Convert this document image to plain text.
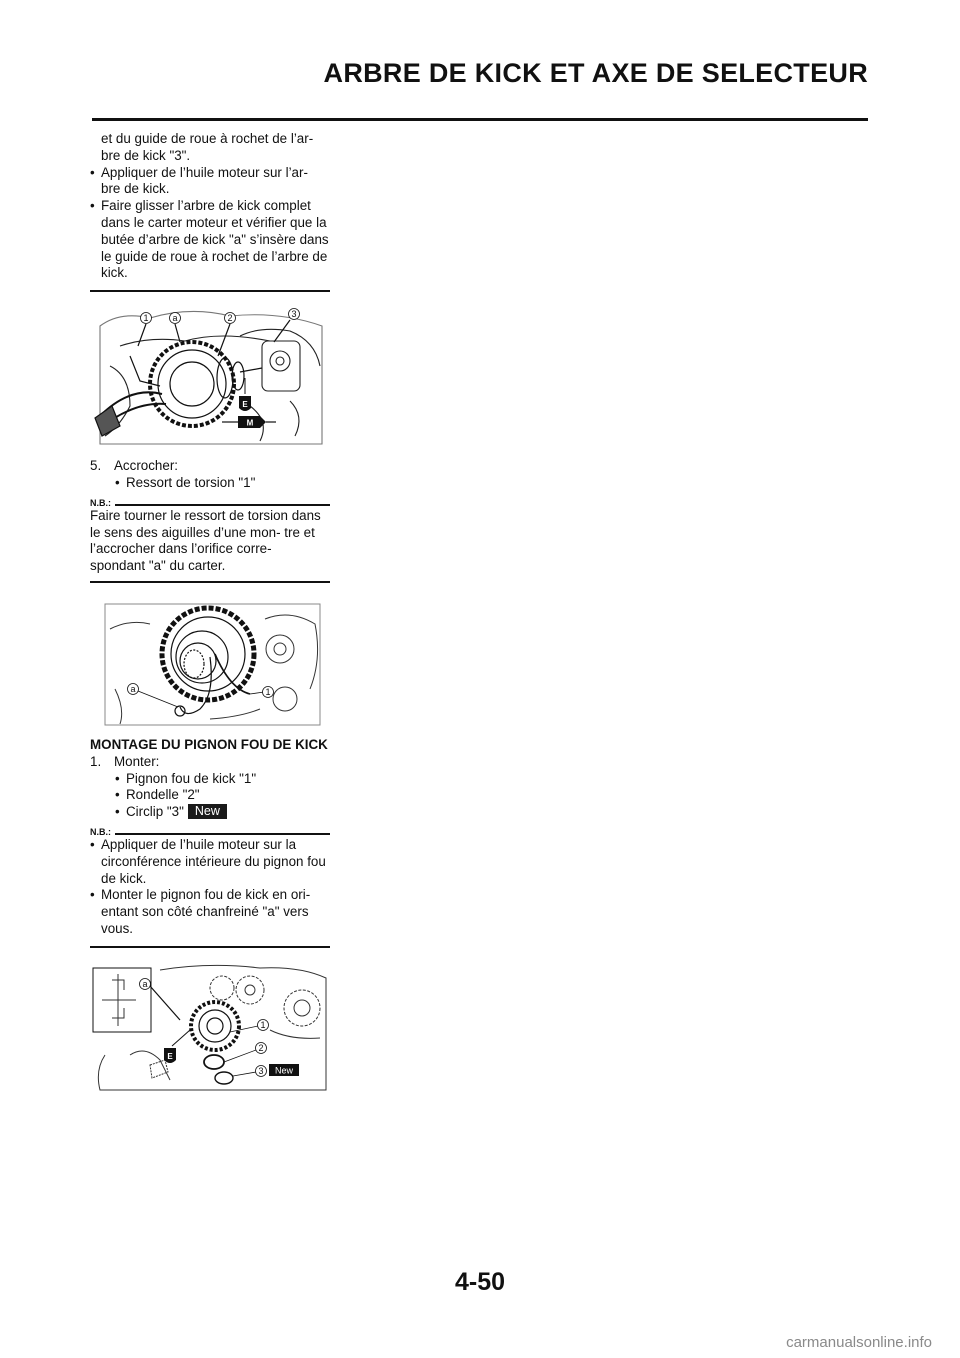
ARBRE DE KICK ET AXE DE SELECTEUR

et du guide de roue à rochet de l’ar-

bre de kick "3".

• Appliquer de l’huile moteur sur l’ar- bre de kick.

• Faire glisser l’arbre de kick complet dans le carter moteur et vérifier que la butée d’arbre de kick "a" s’insère dans le guide de roue à rochet de l’arbre de kick.

1	a	2	3
E
M
5. Accrocher:
• Ressort de torsion "1"
N.B.:

Faire tourner le ressort de torsion dans le sens des aiguilles d’une mon- tre et l’accrocher dans l’orifice corre- spondant "a" du carter.

a	1
MONTAGE DU PIGNON FOU DE KICK
1. Monter:
• Pignon fou de kick "1"
• Rondelle "2"
• Circlip "3" New
N.B.:

• Appliquer de l’huile moteur sur la circonférence intérieure du pignon fou de kick.

• Monter le pignon fou de kick en ori- entant son côté chanfreiné "a" vers vous.

a
1
2
3 New
E
4-50
carmanualsonline.info
